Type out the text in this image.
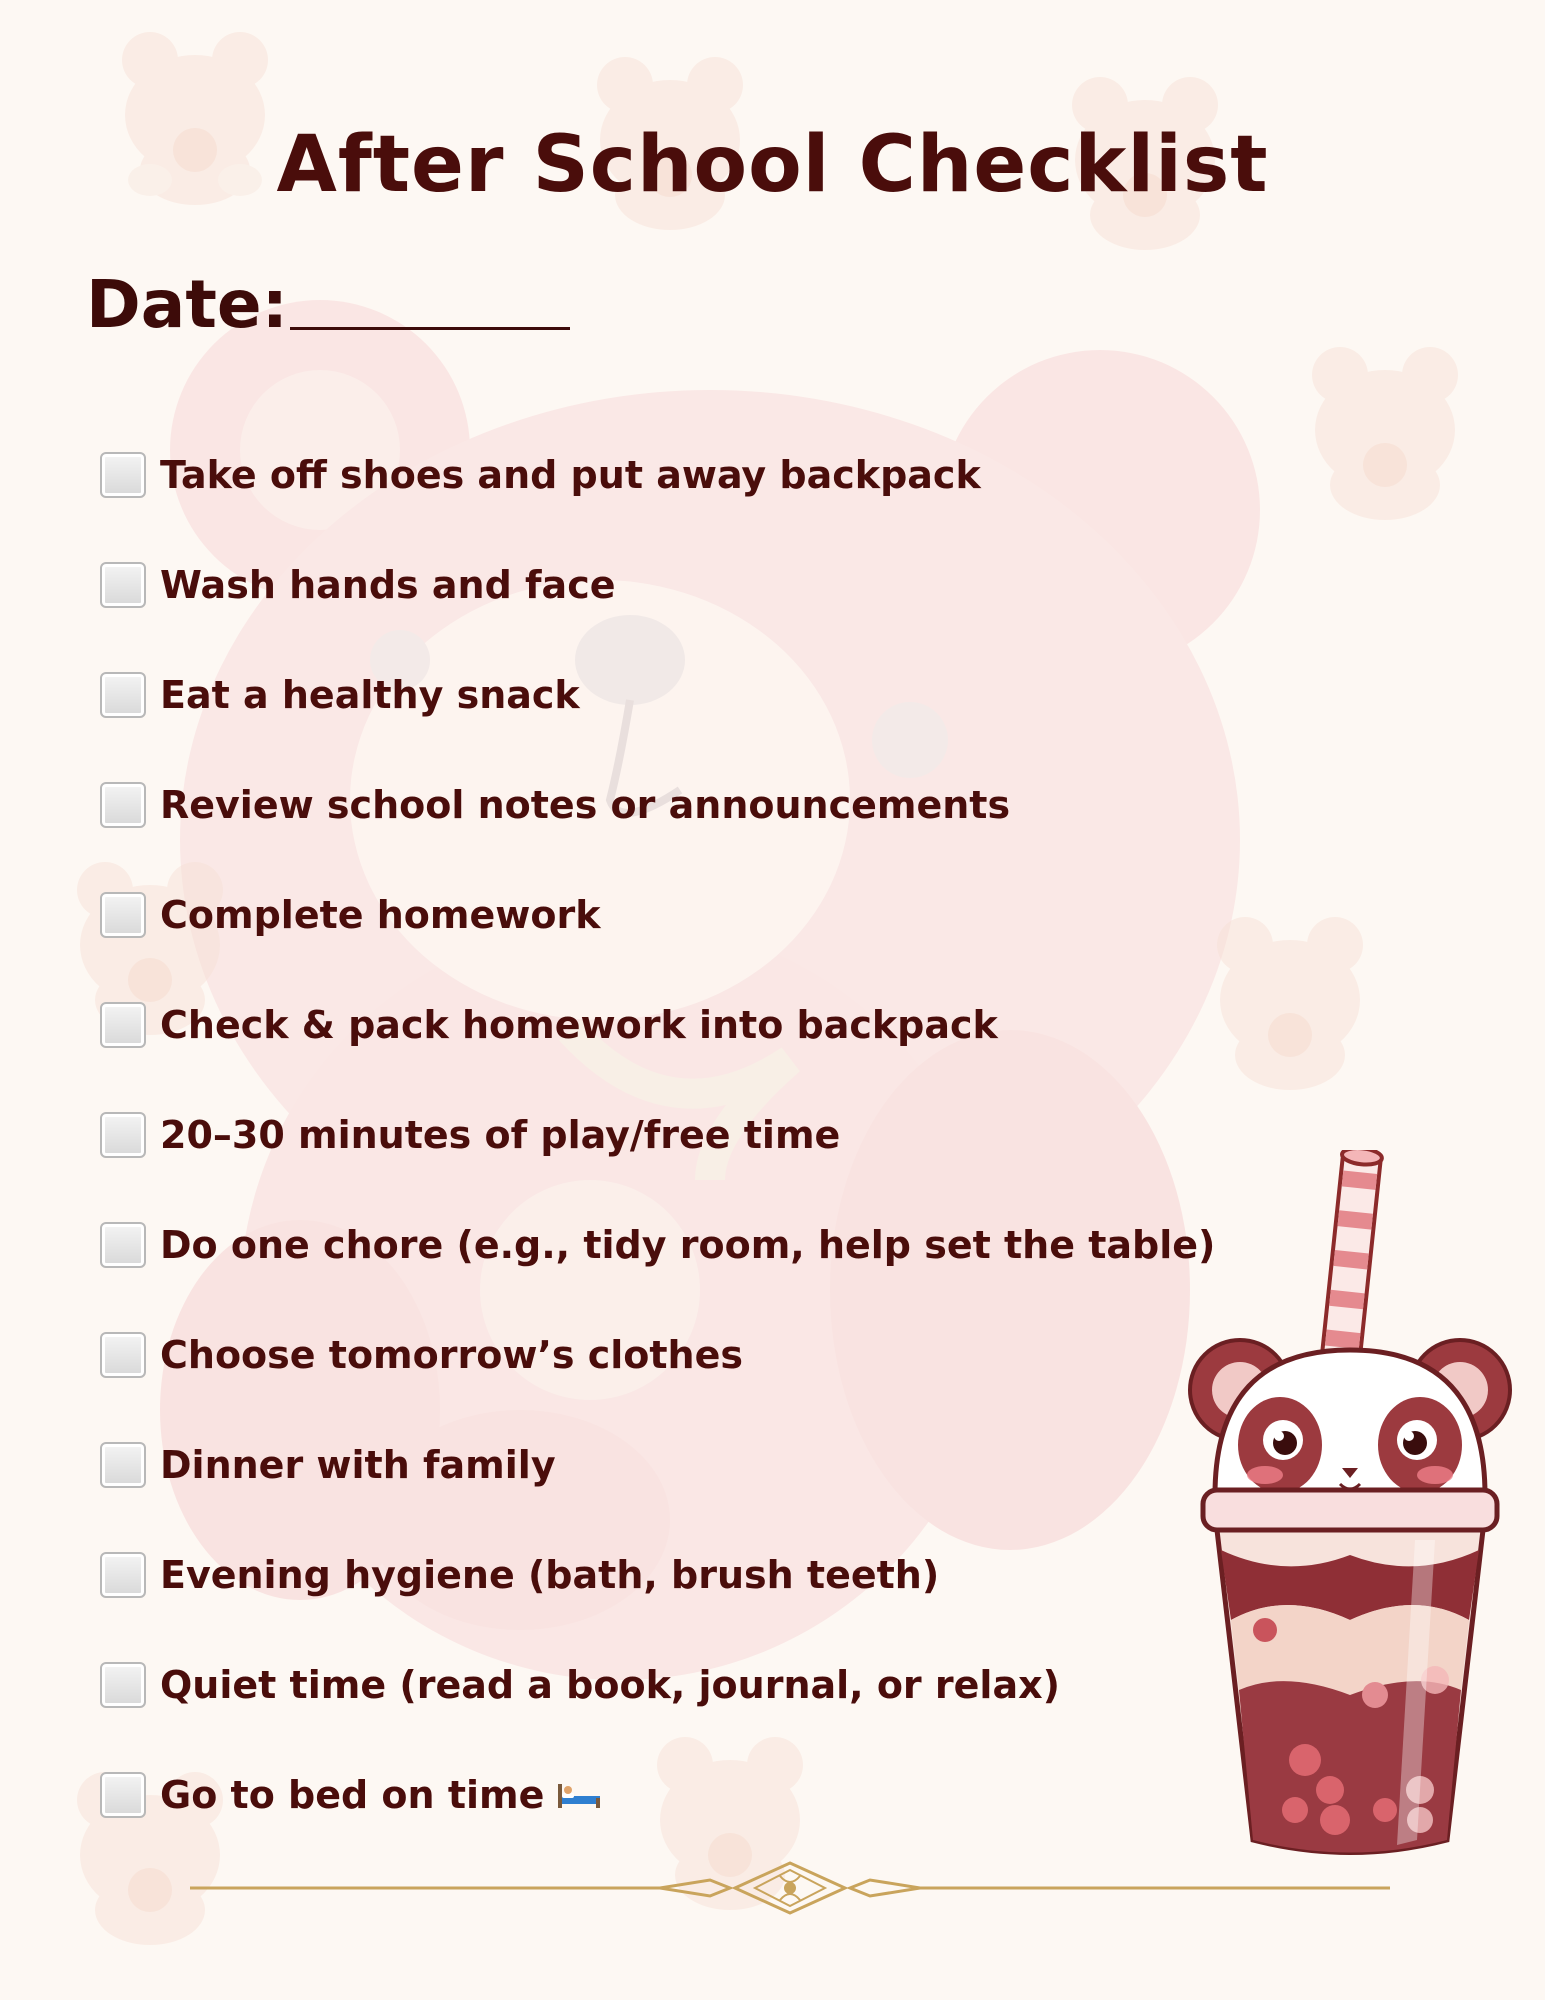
After School Checklist
Date:
Take off shoes and put away backpack
Wash hands and face
Eat a healthy snack
Review school notes or announcements
Complete homework
Check & pack homework into backpack
20–30 minutes of play/free time
Do one chore (e.g., tidy room, help set the table)
Choose tomorrow’s clothes
Dinner with family
Evening hygiene (bath, brush teeth)
Quiet time (read a book, journal, or relax)
Go to bed on time
